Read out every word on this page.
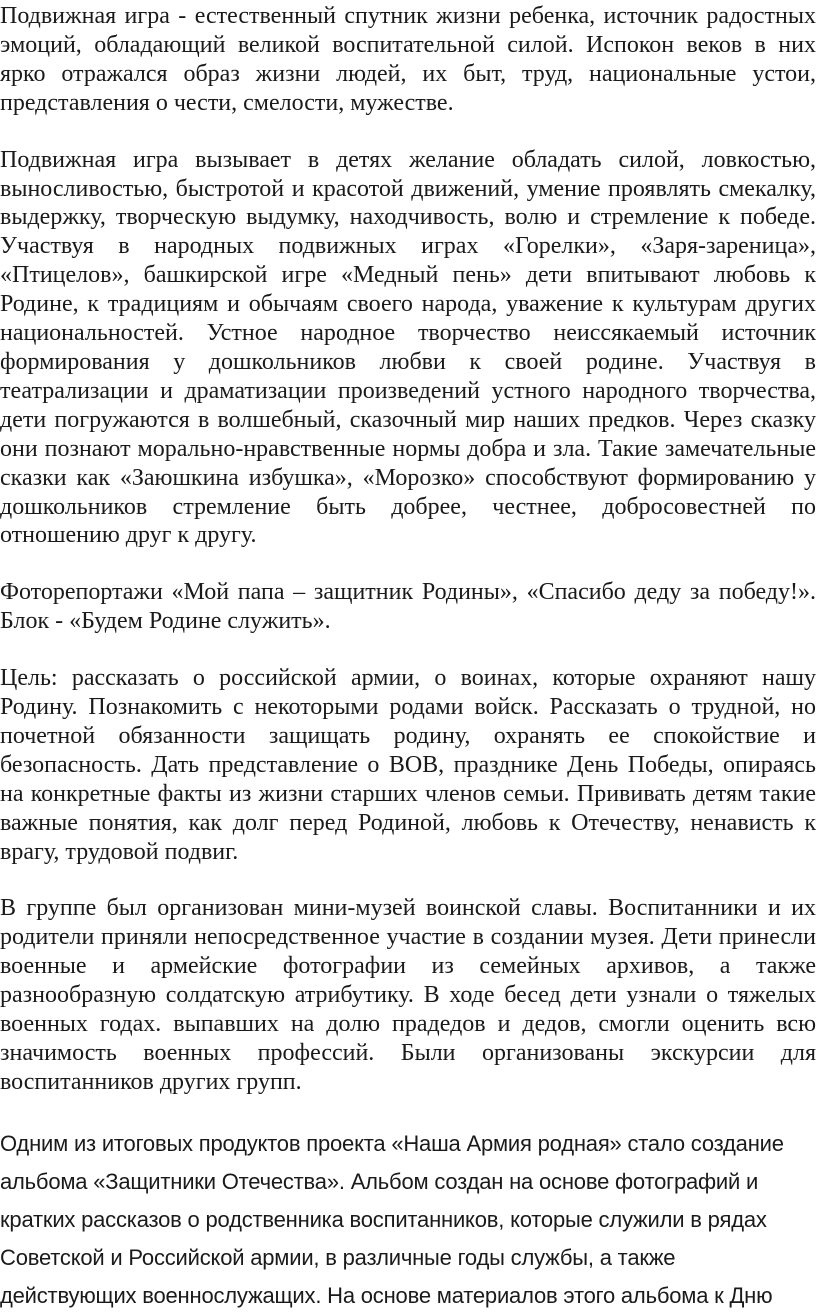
Подвижная игра - естественный спутник жизни ребенка, источник радостных эмоций, обладающий великой воспитательной силой. Испокон веков в них ярко отражался образ жизни людей, их быт, труд, национальные устои, представления о чести, смелости, мужестве.

Подвижная игра вызывает в детях желание обладать силой, ловкостью, выносливостью, быстротой и красотой движений, умение проявлять смекалку, выдержку, творческую выдумку, находчивость, волю и стремление к победе. Участвуя в народных подвижных играх «Горелки», «Заря-зареница», «Птицелов», башкирской игре «Медный пень» дети впитывают любовь к Родине, к традициям и обычаям своего народа, уважение к культурам других национальностей. Устное народное творчество неиссякаемый источник формирования у дошкольников любви к своей родине. Участвуя в театрализации и драматизации произведений устного народного творчества, дети погружаются в волшебный, сказочный мир наших предков. Через сказку они познают морально-нравственные нормы добра и зла. Такие замечательные сказки как «Заюшкина избушка», «Морозко» способствуют формированию у дошкольников стремление быть добрее, честнее, добросовестней по отношению друг к другу.

Фоторепортажи «Мой папа – защитник Родины», «Спасибо деду за победу!». Блок - «Будем Родине служить».

Цель: рассказать о российской армии, о воинах, которые охраняют нашу Родину. Познакомить с некоторыми родами войск. Рассказать о трудной, но почетной обязанности защищать родину, охранять ее спокойствие и безопасность. Дать представление о ВОВ, празднике День Победы, опираясь на конкретные факты из жизни старших членов семьи. Прививать детям такие важные понятия, как долг перед Родиной, любовь к Отечеству, ненависть к врагу, трудовой подвиг.

В группе был организован мини-музей воинской славы. Воспитанники и их родители приняли непосредственное участие в создании музея. Дети принесли военные и армейские фотографии из семейных архивов, а также разнообразную солдатскую атрибутику. В ходе бесед дети узнали о тяжелых военных годах. выпавших на долю прадедов и дедов, смогли оценить всю значимость военных профессий. Были организованы экскурсии для воспитанников других групп.

Одним из итоговых продуктов проекта «Наша Армия родная» стало создание
альбома «Защитники Отечества». Альбом создан на основе фотографий и
кратких рассказов о родственника воспитанников, которые служили в рядах
Советской и Российской армии, в различные годы службы, а также
действующих военнослужащих. На основе материалов этого альбома к Дню
